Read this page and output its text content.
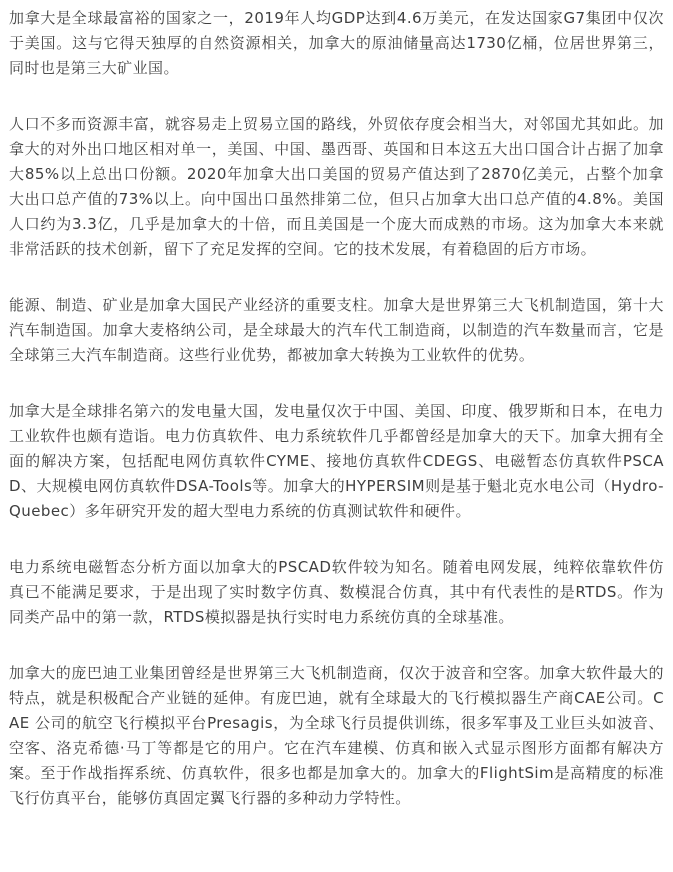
加拿大是全球最富裕的国家之一，2019年人均GDP达到4.6万美元，在发达国家G7集团中仅次于美国。这与它得天独厚的自然资源相关，加拿大的原油储量高达1730亿桶，位居世界第三，同时也是第三大矿业国。

人口不多而资源丰富，就容易走上贸易立国的路线，外贸依存度会相当大，对邻国尤其如此。加拿大的对外出口地区相对单一，美国、中国、墨西哥、英国和日本这五大出口国合计占据了加拿大85%以上总出口份额。2020年加拿大出口美国的贸易产值达到了2870亿美元，占整个加拿大出口总产值的73%以上。向中国出口虽然排第二位，但只占加拿大出口总产值的4.8%。美国人口约为3.3亿，几乎是加拿大的十倍，而且美国是一个庞大而成熟的市场。这为加拿大本来就非常活跃的技术创新，留下了充足发挥的空间。它的技术发展，有着稳固的后方市场。

能源、制造、矿业是加拿大国民产业经济的重要支柱。加拿大是世界第三大飞机制造国，第十大汽车制造国。加拿大麦格纳公司，是全球最大的汽车代工制造商，以制造的汽车数量而言，它是全球第三大汽车制造商。这些行业优势，都被加拿大转换为工业软件的优势。

加拿大是全球排名第六的发电量大国，发电量仅次于中国、美国、印度、俄罗斯和日本，在电力工业软件也颇有造诣。电力仿真软件、电力系统软件几乎都曾经是加拿大的天下。加拿大拥有全面的解决方案，包括配电网仿真软件CYME、接地仿真软件CDEGS、电磁暂态仿真软件PSCAD、大规模电网仿真软件DSA-Tools等。加拿大的HYPERSIM则是基于魁北克水电公司（Hydro-Quebec）多年研究开发的超大型电力系统的仿真测试软件和硬件。

电力系统电磁暂态分析方面以加拿大的PSCAD软件较为知名。随着电网发展，纯粹依靠软件仿真已不能满足要求，于是出现了实时数字仿真、数模混合仿真，其中有代表性的是RTDS。作为同类产品中的第一款，RTDS模拟器是执行实时电力系统仿真的全球基准。

加拿大的庞巴迪工业集团曾经是世界第三大飞机制造商，仅次于波音和空客。加拿大软件最大的特点，就是积极配合产业链的延伸。有庞巴迪，就有全球最大的飞行模拟器生产商CAE公司。CAE 公司的航空飞行模拟平台Presagis，为全球飞行员提供训练，很多军事及工业巨头如波音、空客、洛克希德·马丁等都是它的用户。它在汽车建模、仿真和嵌入式显示图形方面都有解决方案。至于作战指挥系统、仿真软件，很多也都是加拿大的。加拿大的FlightSim是高精度的标准飞行仿真平台，能够仿真固定翼飞行器的多种动力学特性。
